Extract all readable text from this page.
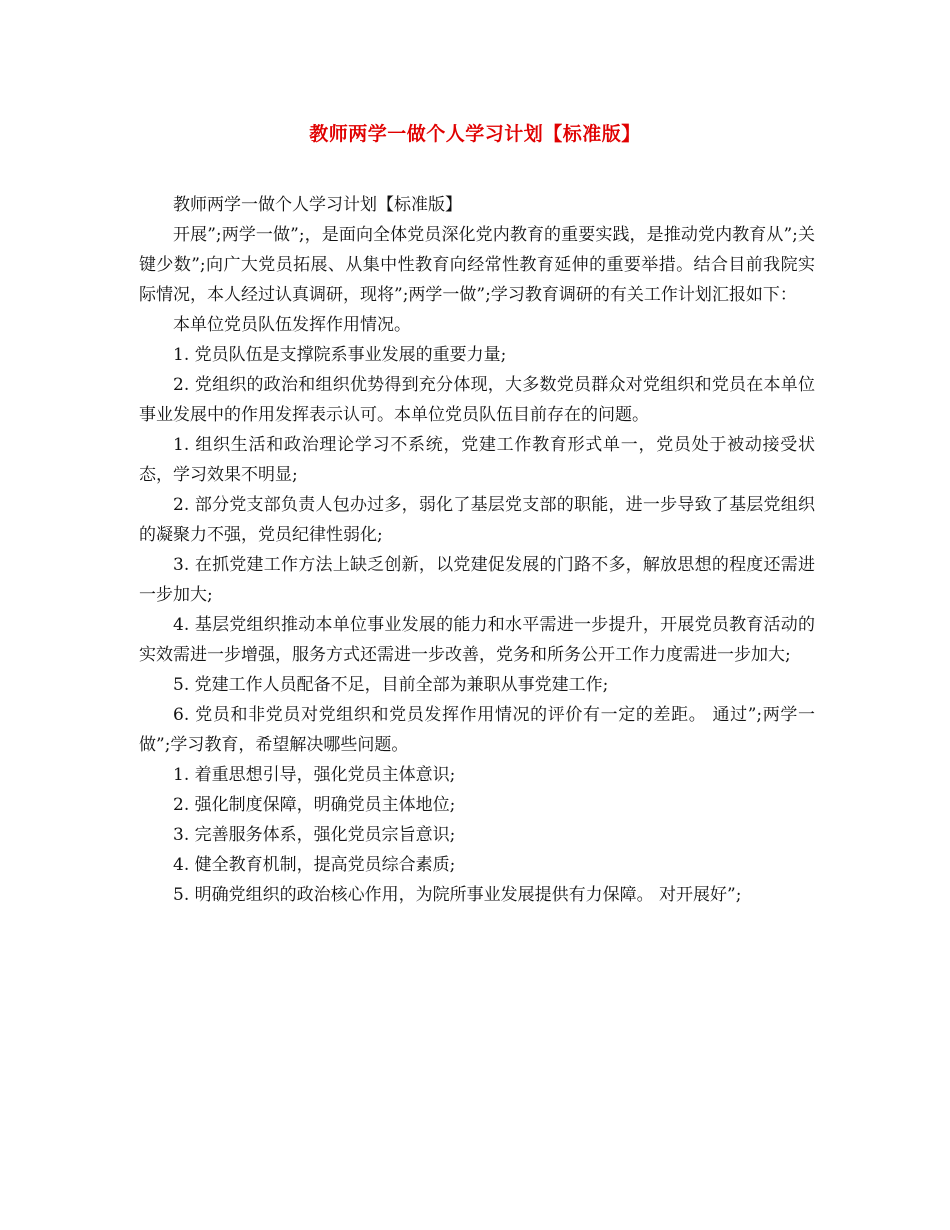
教师两学一做个人学习计划【标准版】

教师两学一做个人学习计划【标准版】

开展”;两学一做”;，是面向全体党员深化党内教育的重要实践，是推动党内教育从”;关键少数”;向广大党员拓展、从集中性教育向经常性教育延伸的重要举措。结合目前我院实际情况，本人经过认真调研，现将”;两学一做”;学习教育调研的有关工作计划汇报如下：

本单位党员队伍发挥作用情况。

1. 党员队伍是支撑院系事业发展的重要力量;

2. 党组织的政治和组织优势得到充分体现，大多数党员群众对党组织和党员在本单位事业发展中的作用发挥表示认可。本单位党员队伍目前存在的问题。

1. 组织生活和政治理论学习不系统，党建工作教育形式单一，党员处于被动接受状态，学习效果不明显;

2. 部分党支部负责人包办过多，弱化了基层党支部的职能，进一步导致了基层党组织的凝聚力不强，党员纪律性弱化;

3. 在抓党建工作方法上缺乏创新，以党建促发展的门路不多，解放思想的程度还需进一步加大;

4. 基层党组织推动本单位事业发展的能力和水平需进一步提升，开展党员教育活动的实效需进一步增强，服务方式还需进一步改善，党务和所务公开工作力度需进一步加大;

5. 党建工作人员配备不足，目前全部为兼职从事党建工作;

6. 党员和非党员对党组织和党员发挥作用情况的评价有一定的差距。 通过”;两学一做”;学习教育，希望解决哪些问题。

1. 着重思想引导，强化党员主体意识;

2. 强化制度保障，明确党员主体地位;

3. 完善服务体系，强化党员宗旨意识;

4. 健全教育机制，提高党员综合素质;

5. 明确党组织的政治核心作用，为院所事业发展提供有力保障。 对开展好”;
